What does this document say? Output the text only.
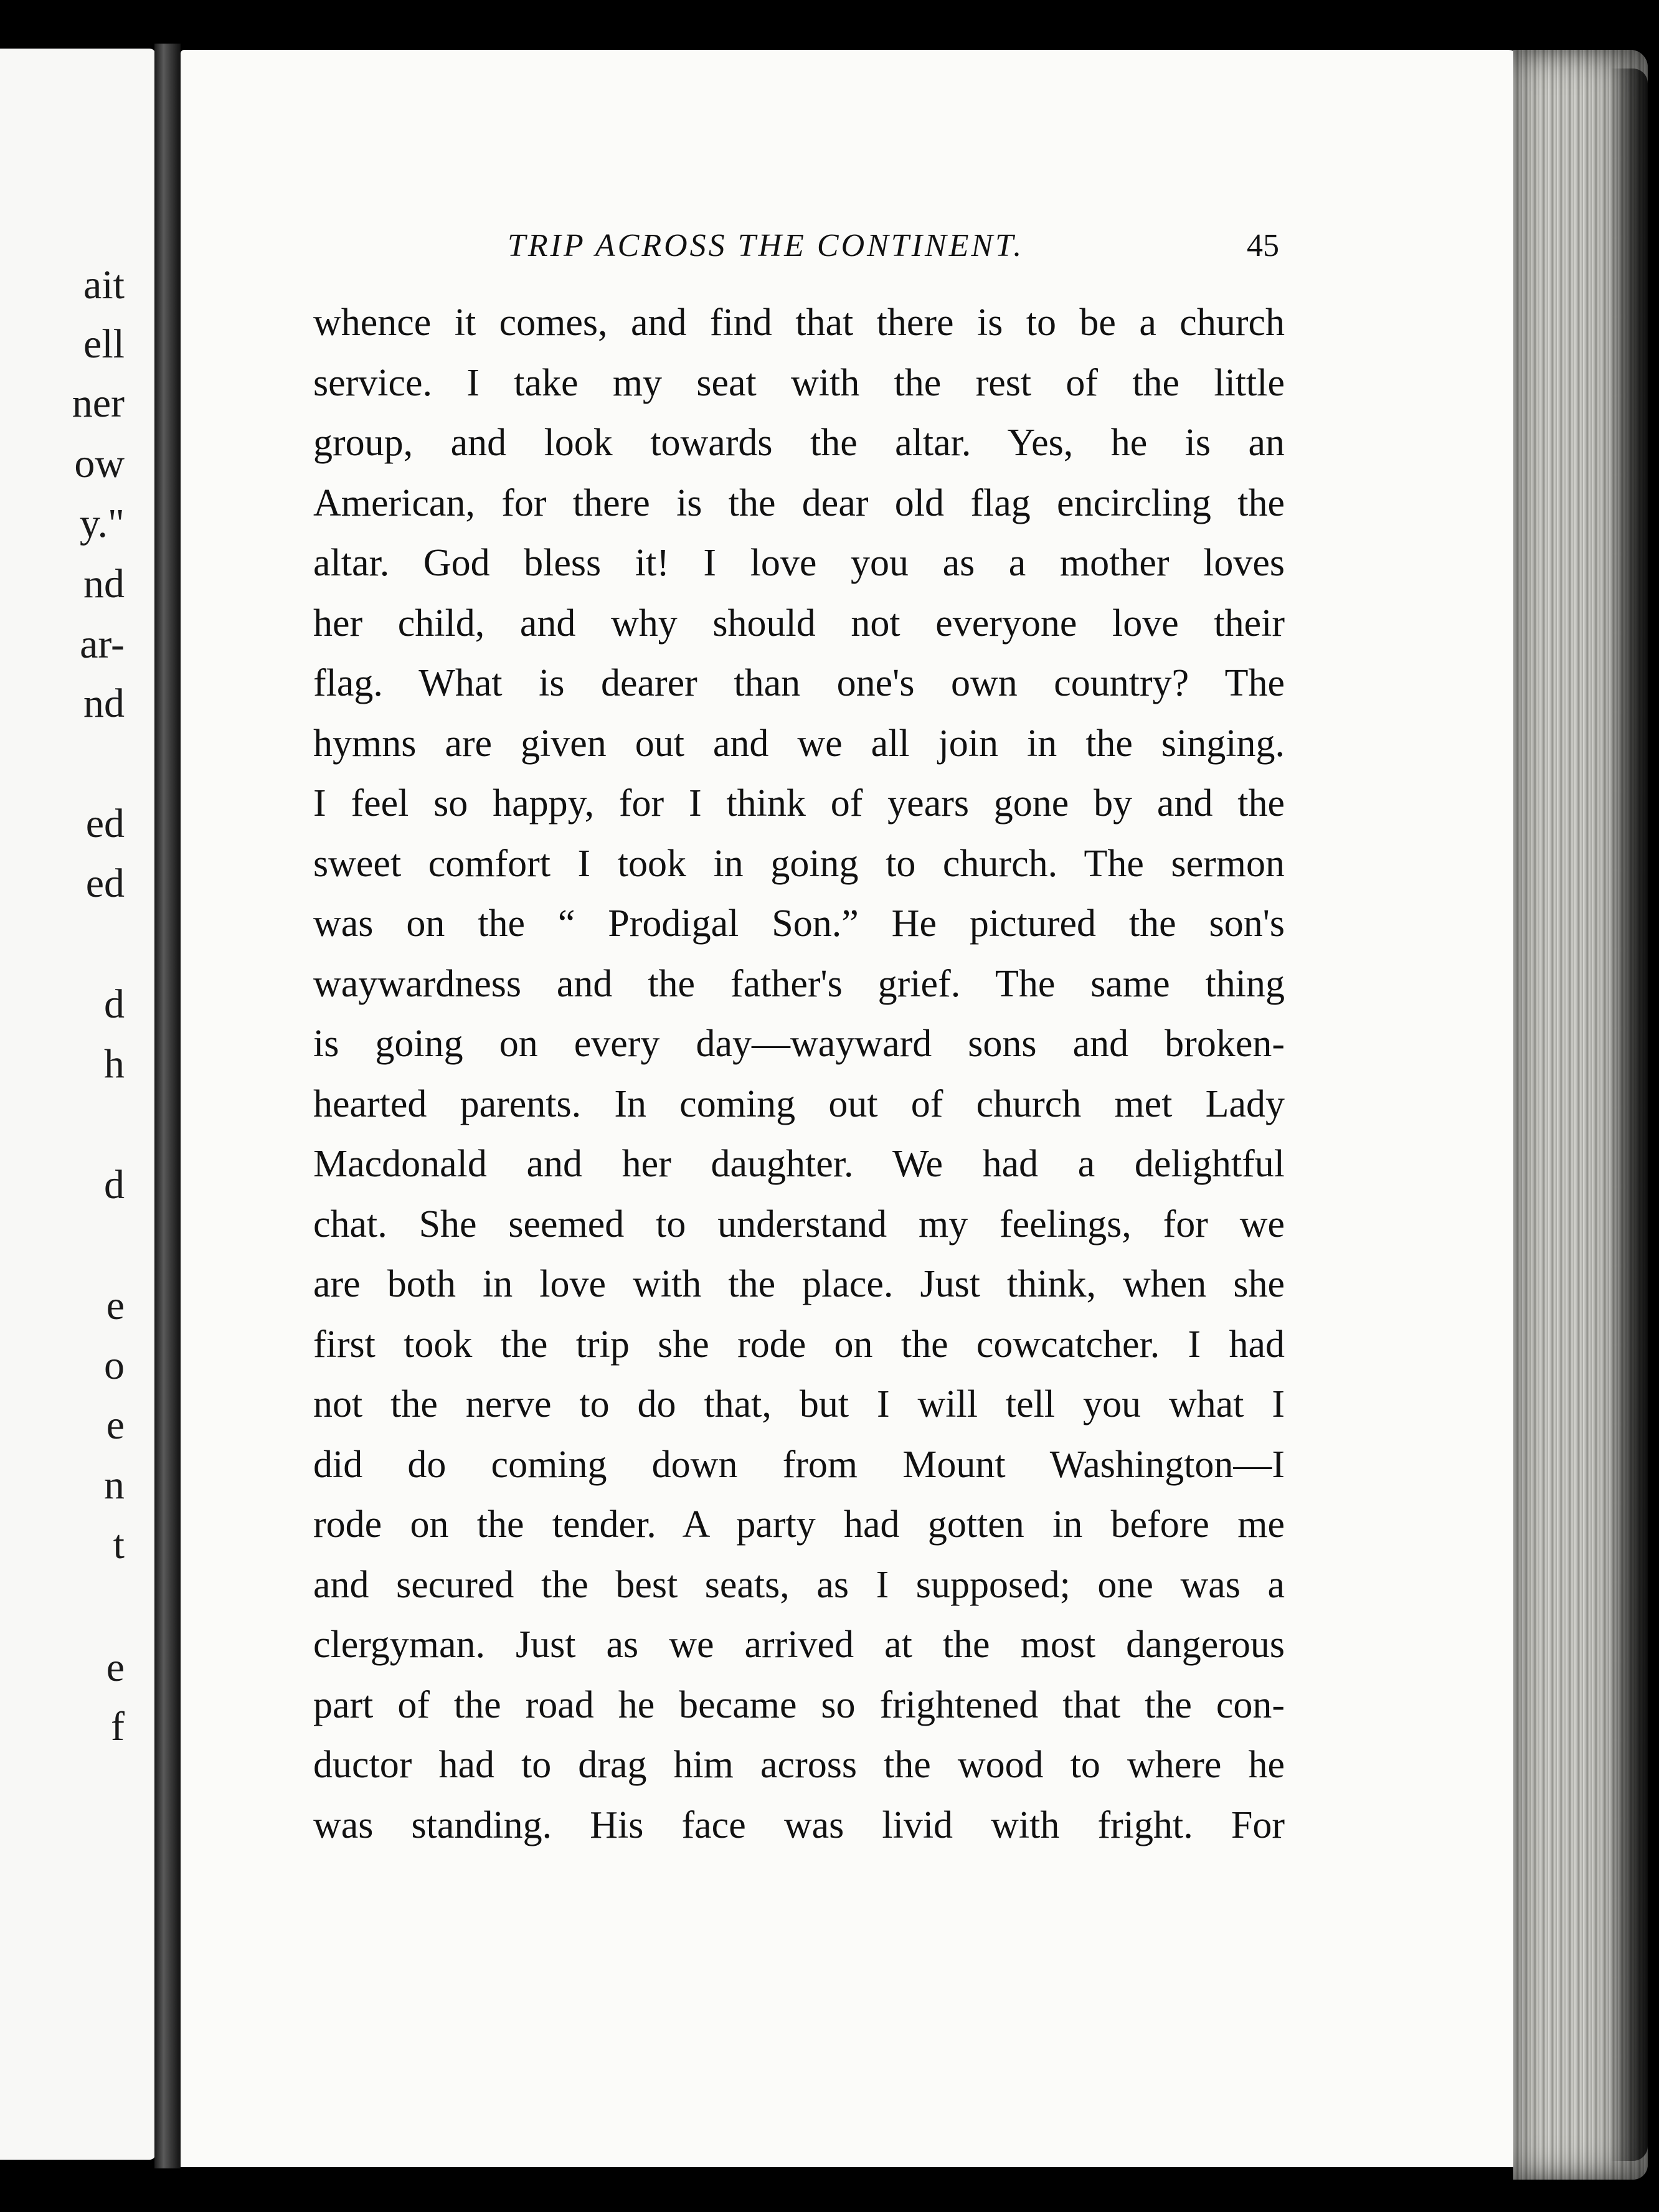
ait
ell
ner
ow
y."
nd
ar-
nd
ed
ed
d
h
d
e
o
e
n
t
e
f
TRIP ACROSS THE CONTINENT.	45
whence it comes, and find that there is to be a church
service. I take my seat with the rest of the little
group, and look towards the altar. Yes, he is an
American, for there is the dear old flag encircling the
altar. God bless it! I love you as a mother loves
her child, and why should not everyone love their
flag. What is dearer than one's own country? The
hymns are given out and we all join in the singing.
I feel so happy, for I think of years gone by and the
sweet comfort I took in going to church. The sermon
was on the “ Prodigal Son.” He pictured the son's
waywardness and the father's grief. The same thing
is going on every day—wayward sons and broken-
hearted parents. In coming out of church met Lady
Macdonald and her daughter. We had a delightful
chat. She seemed to understand my feelings, for we
are both in love with the place. Just think, when she
first took the trip she rode on the cowcatcher. I had
not the nerve to do that, but I will tell you what I
did do coming down from Mount Washington—I
rode on the tender. A party had gotten in before me
and secured the best seats, as I supposed; one was a
clergyman. Just as we arrived at the most dangerous
part of the road he became so frightened that the con-
ductor had to drag him across the wood to where he
was standing. His face was livid with fright. For
